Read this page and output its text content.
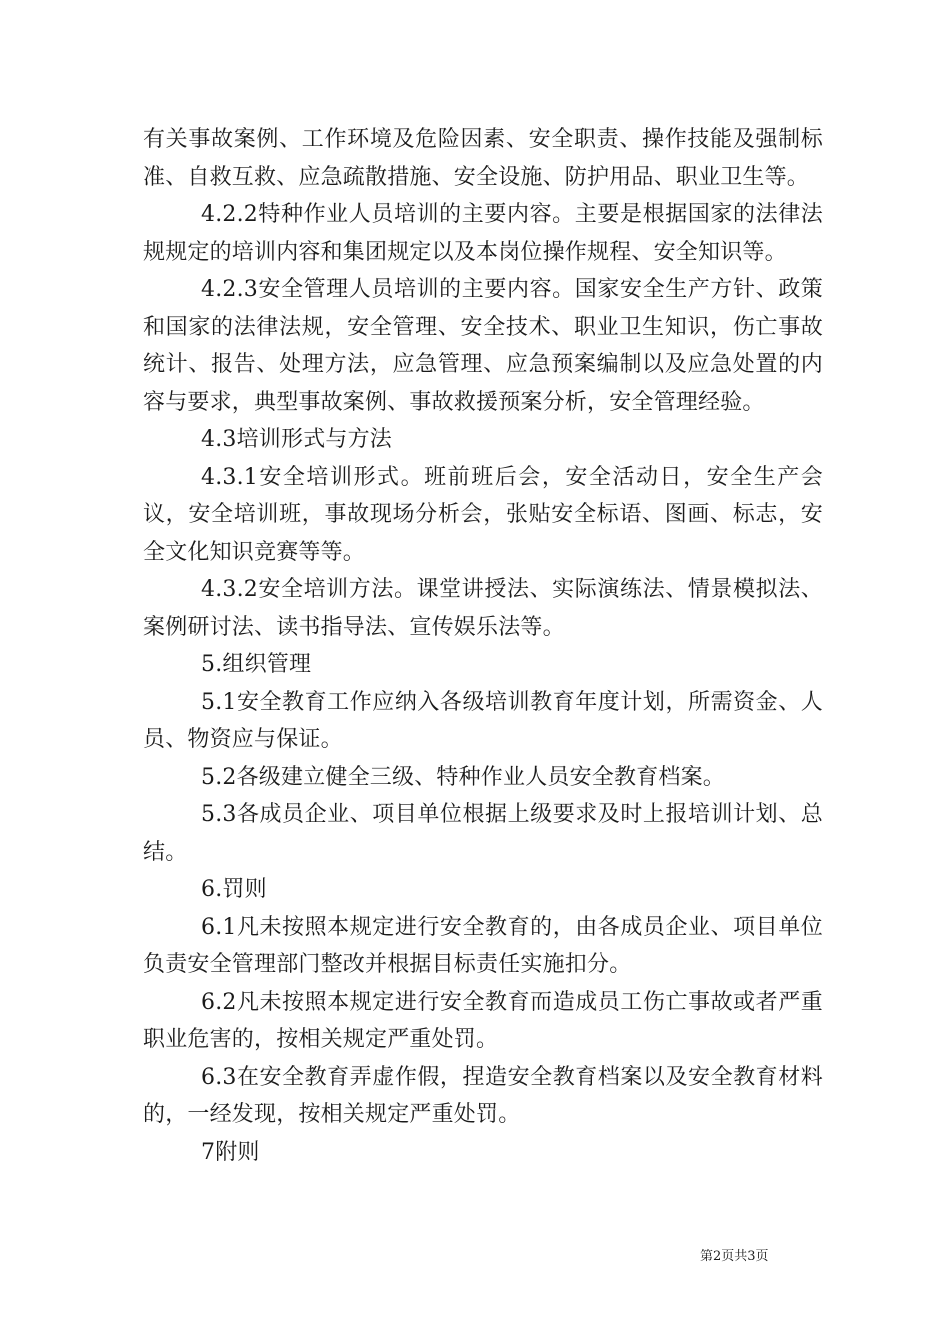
有关事故案例、工作环境及危险因素、安全职责、操作技能及强制标准、自救互救、应急疏散措施、安全设施、防护用品、职业卫生等。

4.2.2特种作业人员培训的主要内容。主要是根据国家的法律法规规定的培训内容和集团规定以及本岗位操作规程、安全知识等。

4.2.3安全管理人员培训的主要内容。国家安全生产方针、政策和国家的法律法规，安全管理、安全技术、职业卫生知识，伤亡事故统计、报告、处理方法，应急管理、应急预案编制以及应急处置的内容与要求，典型事故案例、事故救援预案分析，安全管理经验。

4.3培训形式与方法

4.3.1安全培训形式。班前班后会，安全活动日，安全生产会议，安全培训班，事故现场分析会，张贴安全标语、图画、标志，安全文化知识竞赛等等。

4.3.2安全培训方法。课堂讲授法、实际演练法、情景模拟法、案例研讨法、读书指导法、宣传娱乐法等。

5.组织管理

5.1安全教育工作应纳入各级培训教育年度计划，所需资金、人员、物资应与保证。

5.2各级建立健全三级、特种作业人员安全教育档案。

5.3各成员企业、项目单位根据上级要求及时上报培训计划、总结。

6.罚则

6.1凡未按照本规定进行安全教育的，由各成员企业、项目单位负责安全管理部门整改并根据目标责任实施扣分。

6.2凡未按照本规定进行安全教育而造成员工伤亡事故或者严重职业危害的，按相关规定严重处罚。

6.3在安全教育弄虚作假，捏造安全教育档案以及安全教育材料的，一经发现，按相关规定严重处罚。

7附则

第2页共3页
